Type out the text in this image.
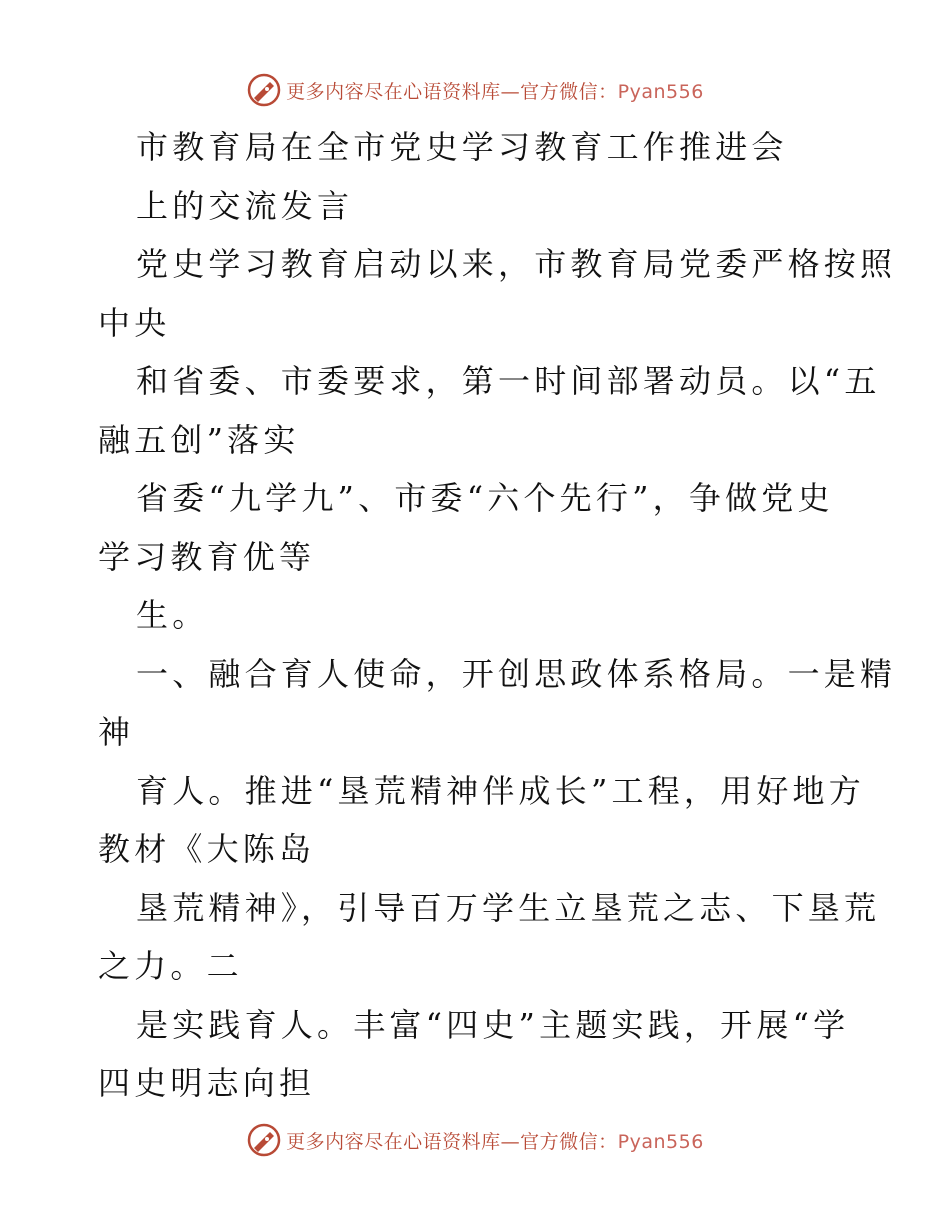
更多内容尽在心语资料库—官方微信：Pyan556
市教育局在全市党史学习教育工作推进会
上的交流发言
党史学习教育启动以来，市教育局党委严格按照
中央
和省委、市委要求，第一时间部署动员。以“五
融五创”落实
省委“九学九”、市委“六个先行”，争做党史
学习教育优等
生。
一、融合育人使命，开创思政体系格局。一是精
神
育人。推进“垦荒精神伴成长”工程，用好地方
教材《大陈岛
垦荒精神》，引导百万学生立垦荒之志、下垦荒
之力。二
是实践育人。丰富“四史”主题实践，开展“学
四史明志向担
更多内容尽在心语资料库—官方微信：Pyan556
